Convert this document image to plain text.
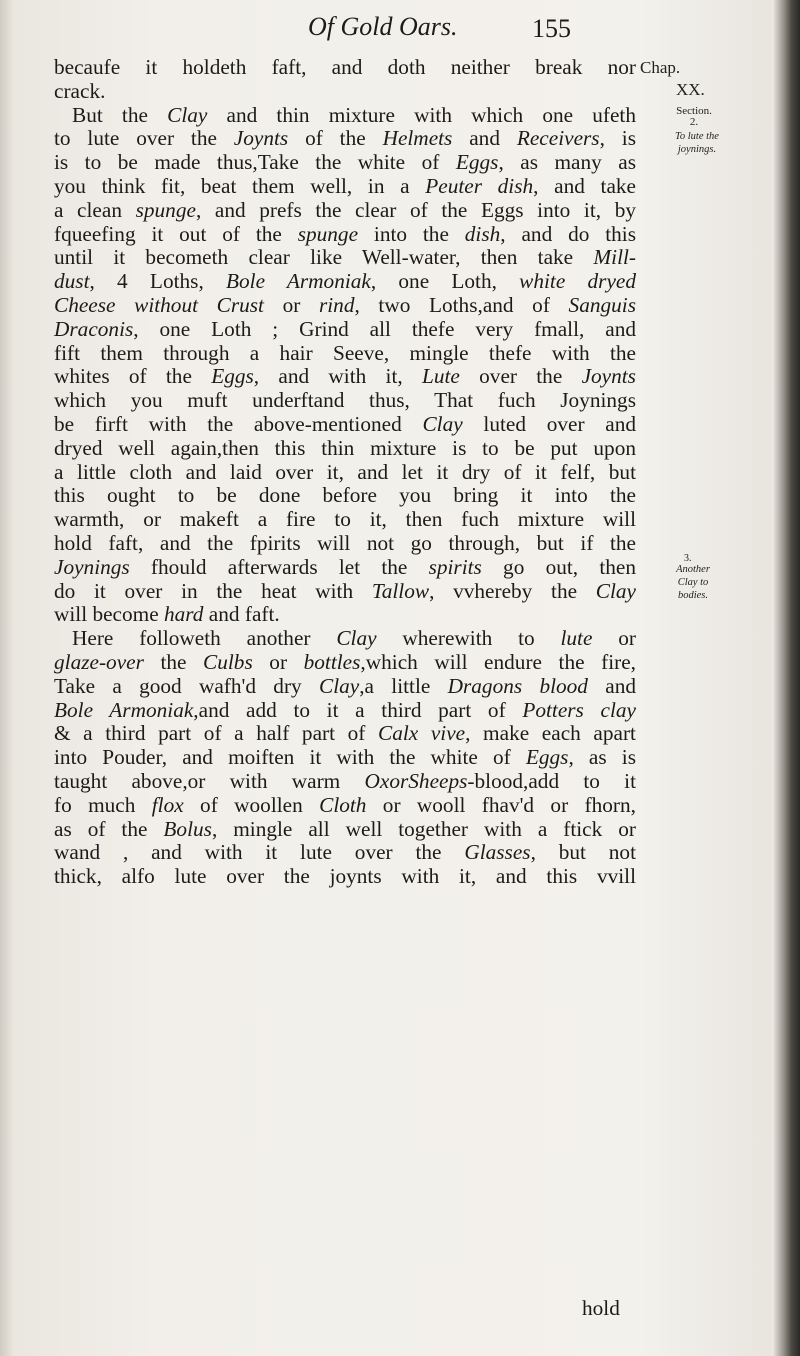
Of Gold Oars.	155
Chap.
XX.
Section.
2.
To lute the
joynings.
3.
Another
Clay to
bodies.
becaufe it holdeth faft, and doth neither break nor
crack.
But the Clay and thin mixture with which one ufeth
to lute over the Joynts of the Helmets and Receivers, is
is to be made thus,Take the white of Eggs, as many as
you think fit, beat them well, in a Peuter dish, and take
a clean spunge, and prefs the clear of the Eggs into it, by
fqueefing it out of the spunge into the dish, and do this
until it becometh clear like Well-water, then take Mill-
dust, 4 Loths, Bole Armoniak, one Loth, white dryed
Cheese without Crust or rind, two Loths,and of Sanguis
Draconis, one Loth ; Grind all thefe very fmall, and
fift them through a hair Seeve, mingle thefe with the
whites of the Eggs, and with it, Lute over the Joynts
which you muft underftand thus, That fuch Joynings
be firft with the above-mentioned Clay luted over and
dryed well again,then this thin mixture is to be put upon
a little cloth and laid over it, and let it dry of it felf, but
this ought to be done before you bring it into the
warmth, or makeft a fire to it, then fuch mixture will
hold faft, and the fpirits will not go through, but if the
Joynings fhould afterwards let the spirits go out, then
do it over in the heat with Tallow, vvhereby the Clay
will become hard and faft.
Here followeth another Clay wherewith to lute or
glaze-over the Culbs or bottles,which will endure the fire,
Take a good wafh'd dry Clay,a little Dragons blood and
Bole Armoniak,and add to it a third part of Potters clay
& a third part of a half part of Calx vive, make each apart
into Pouder, and moiften it with the white of Eggs, as is
taught above,or with warm OxorSheeps-blood,add to it
fo much flox of woollen Cloth or wooll fhav'd or fhorn,
as of the Bolus, mingle all well together with a ftick or
wand , and with it lute over the Glasses, but not
thick, alfo lute over the joynts with it, and this vvill
hold
